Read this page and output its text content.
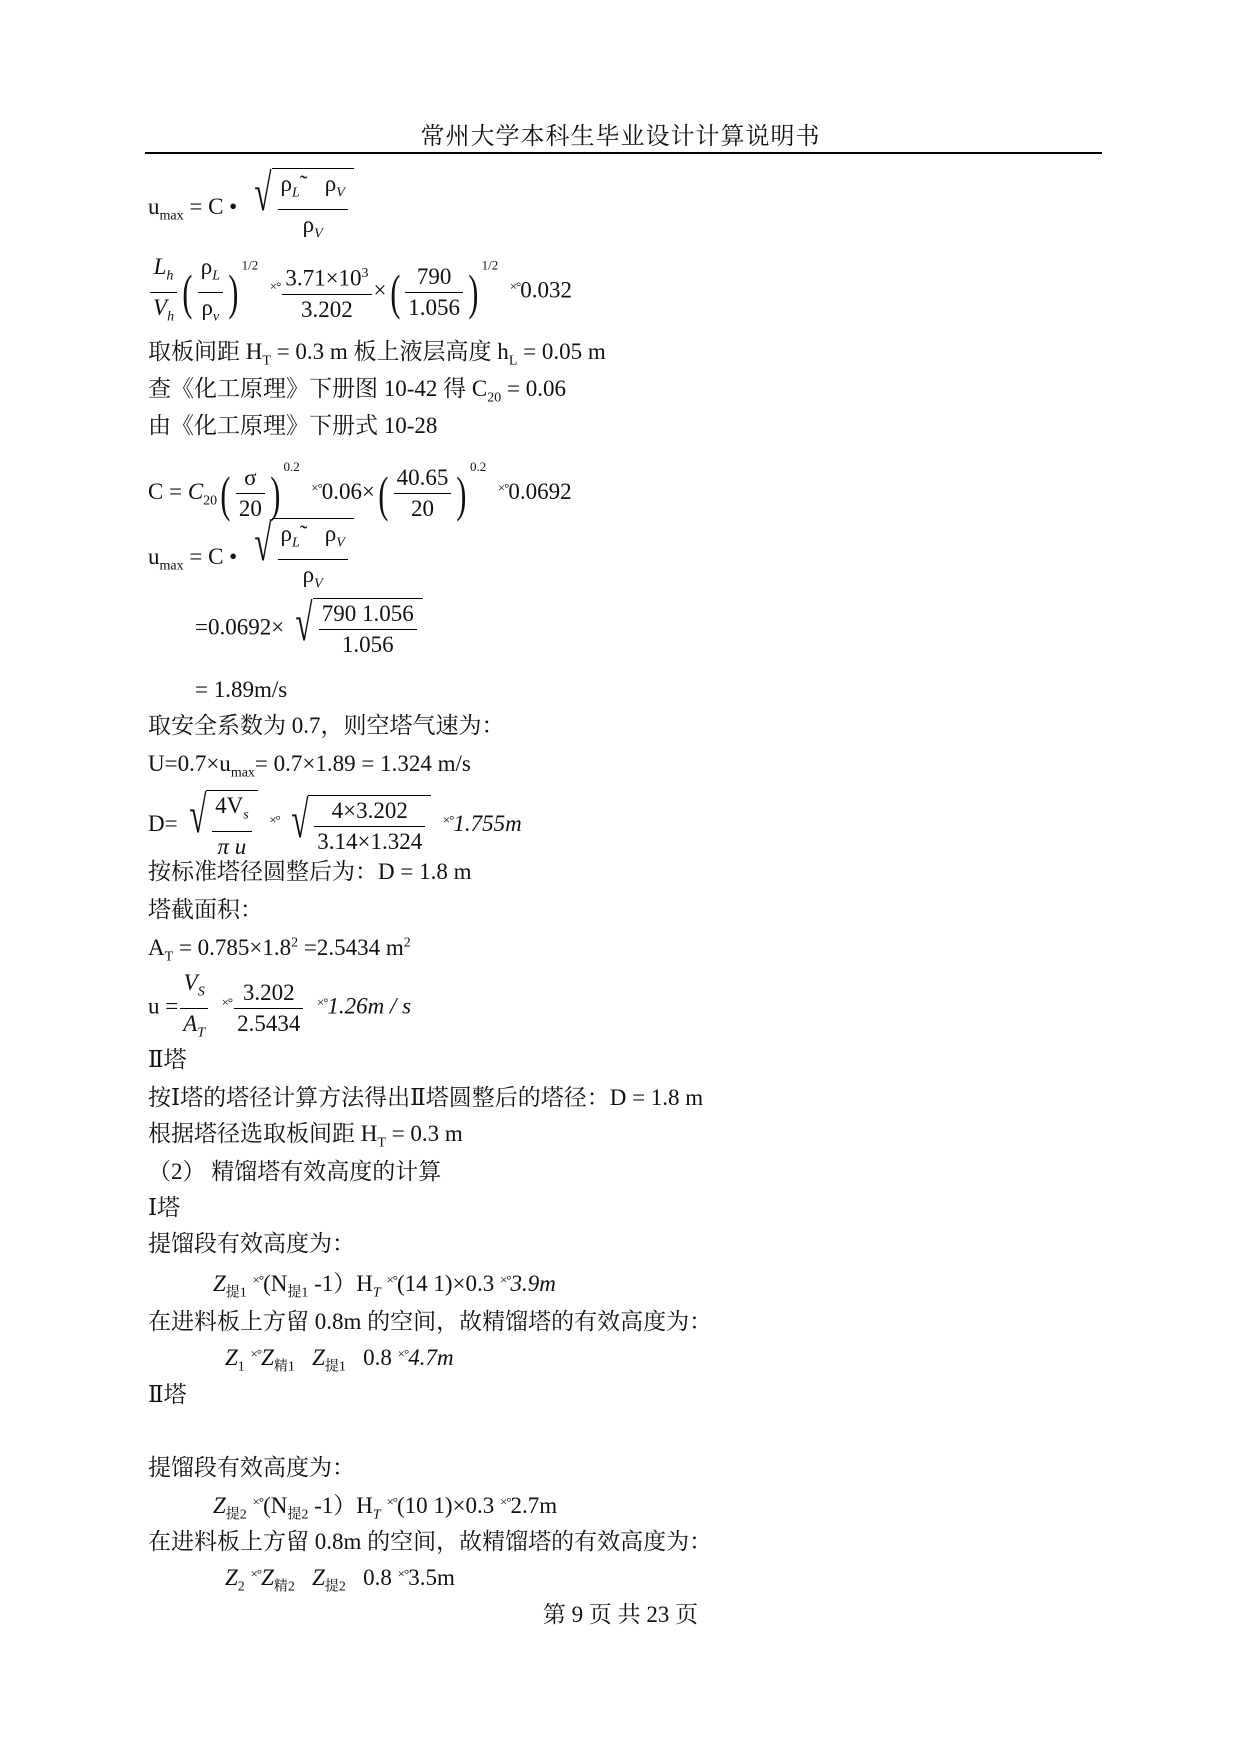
常州大学本科生毕业设计计算说明书
$u_{max} = C$ • √ $\frac{\rho_L˜ \rho_V}{\rho_V}$
$\frac{L_h}{V_h}$ ( $\frac{\rho_L}{\rho_v}$ ) $^{1/2}$  $^{\times^\circ} \frac{3.71\times 10^3}{3.202}$ ×( $\frac{790}{1.056}$ ) $^{1/2}$  ×°0.032
取板间距 $H_T = 0.3$ m 板上液层高度 $h_L = 0.05$ m
查《化工原理》下册图 10-42 得 $C_{20} = 0.06$
由《化工原理》下册式 10-28
$C = C_{20}( \frac{\sigma}{20}$ ) $^{0.2}$  $^{\times^\circ}0.06\times( \frac{40.65}{20}$ ) $^{0.2}$  ×°0.0692
$u_{max} = C$ • √ $\frac{\rho_L˜ \rho_V}{\rho_V}$
=0.0692× √ $\frac{790 1.056}{1.056}$
= 1.89m/s
取安全系数为 0.7，则空塔气速为：
$U=0.7\times u_{max}= 0.7\times 1.89 = 1.324$ m/s
D= √ $\frac{4V_s}{\text{π u}} ^{\times^\circ}$ √ $\frac{4\times 3.202}{3.14\times 1.324} ^{\times^\circ}1.755m$
按标准塔径圆整后为：D = 1.8 m
塔截面积：
$A_T = 0.785\times 1.8^2 =2.5434$ $m^2$
$u = \frac{V_S}{A_T} ^{\times^\circ} \frac{3.202}{2.5434} ^{\times^\circ}1.26m / s$
Ⅱ塔
按Ⅰ塔的塔径计算方法得出Ⅱ塔圆整后的塔径：D = 1.8 m
根据塔径选取板间距 $H_T = 0.3$ m
（2） 精馏塔有效高度的计算
Ⅰ塔
提馏段有效高度为：
$Z_{提1}$ $^{\times^\circ}(N_{提1}$ $-1)H_T$ ×°(14 1)×0.3 ×°3.9m
在进料板上方留 0.8m 的空间，故精馏塔的有效高度为：
$Z_1$ $^{\times^\circ}Z_{精1}$ $Z_{提1}$ 0.8 ×°4.7m
Ⅱ塔
提馏段有效高度为：
$Z_{提2}$ $^{\times^\circ}(N_{提2}$ $-1)H_T$ ×°(10 1)×0.3 ×°2.7m
在进料板上方留 0.8m 的空间，故精馏塔的有效高度为：
$Z_2$ $^{\times^\circ}Z_{精2}$ $Z_{提2}$ 0.8 ×°3.5m
第 9 页 共 23 页
